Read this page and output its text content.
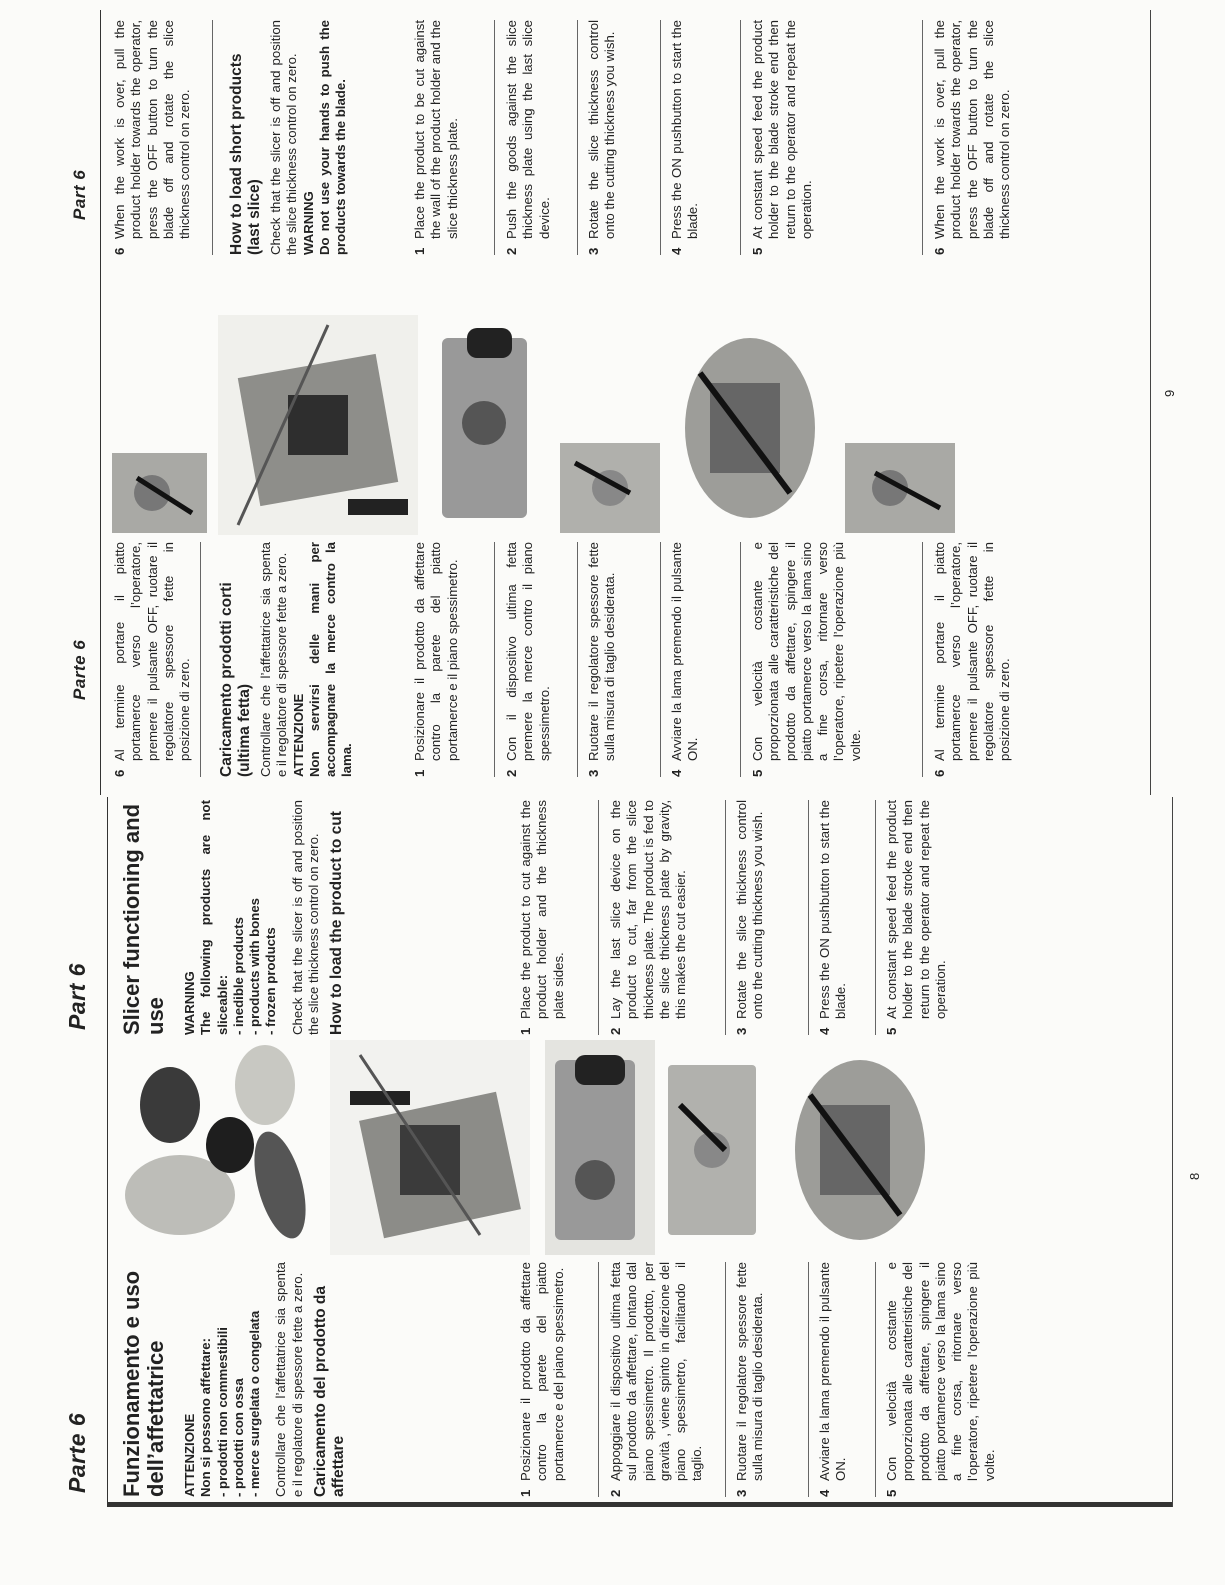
Parte 6
Part 6
8
Funzionamento e uso dell’affettatrice ATTENZIONE Non si possono affettare: - prodotti non commestibili - prodotti con ossa - merce surgelata o congelata Controllare che l’affettatrice sia spenta e il regolatore di spessore fette a zero. Caricamento del prodotto da affettare	1
Posizionare il prodotto da affettare contro la parete del piatto portamerce e del piano spessimetro.
2
Appoggiare il dispositivo ultima fetta sul prodotto da affettare, lontano dal piano spessimetro. Il prodotto, per gravità , viene spinto in direzione del piano spessimetro, facilitando il taglio.
3
Ruotare il regolatore spessore fette sulla misura di taglio desiderata.
4
Avviare la lama premendo il pulsante ON.
5
Con velocità costante e proporzionata alle caratteristiche del prodotto da affettare, spingere il piatto portamerce verso la lama sino a fine corsa, ritornare verso l’operatore, ripetere l’operazione più volte.
Slicer functioning and use WARNING The following products are not sliceable: - inedible products - products with bones - frozen products Check that the slicer is off and position the slice thickness control on zero. How to load the product to cut	1
Place the product to cut against the product holder and the thickness plate sides.
2
Lay the last slice device on the product to cut, far from the slice thickness plate. The product is fed to the slice thickness plate by gravity, this makes the cut easier.
3
Rotate the slice thickness control onto the cutting thickness you wish.
4
Press the ON pushbutton to start the blade.
5
At constant speed feed the product holder to the blade stroke end then return to the operator and repeat the operation.
Parte 6
Part 6
9
6
Al termine portare il piatto portamerce verso l’operatore, premere il pulsante OFF, ruotare il regolatore spessore fette in posizione di zero. Caricamento prodotti corti (ultima fetta) Controllare che l’affettatrice sia spenta e il regolatore di spessore fette a zero. ATTENZIONE Non servirsi delle mani per accompagnare la merce contro la lama.	1
Posizionare il prodotto da affettare contro la parete del piatto portamerce e il piano spessimetro.
2
Con il dispositivo ultima fetta premere la merce contro il piano spessimetro.
3
Ruotare il regolatore spessore fette sulla misura di taglio desiderata.
4
Avviare la lama premendo il pulsante ON.
5
Con velocità costante e proporzionata alle caratteristiche del prodotto da affettare, spingere il piatto portamerce verso la lama sino a fine corsa, ritornare verso l’operatore, ripetere l’operazione più volte.
6
Al termine portare il piatto portamerce verso l’operatore, premere il pulsante OFF, ruotare il regolatore spessore fette in posizione di zero.
6
When the work is over, pull the product holder towards the operator, press the OFF button to turn the blade off and rotate the slice thickness control on zero. How to load short products (last slice) Check that the slicer is off and position the slice thickness control on zero. WARNING Do not use your hands to push the products towards the blade.	1
Place the product to be cut against the wall of the product holder and the slice thickness plate.
2
Push the goods against the slice thickness plate using the last slice device.
3
Rotate the slice thickness control onto the cutting thickness you wish.
4
Press the ON pushbutton to start the blade.
5
At constant speed feed the product holder to the blade stroke end then return to the operator and repeat the operation.
6
When the work is over, pull the product holder towards the operator, press the OFF button to turn the blade off and rotate the slice thickness control on zero.
